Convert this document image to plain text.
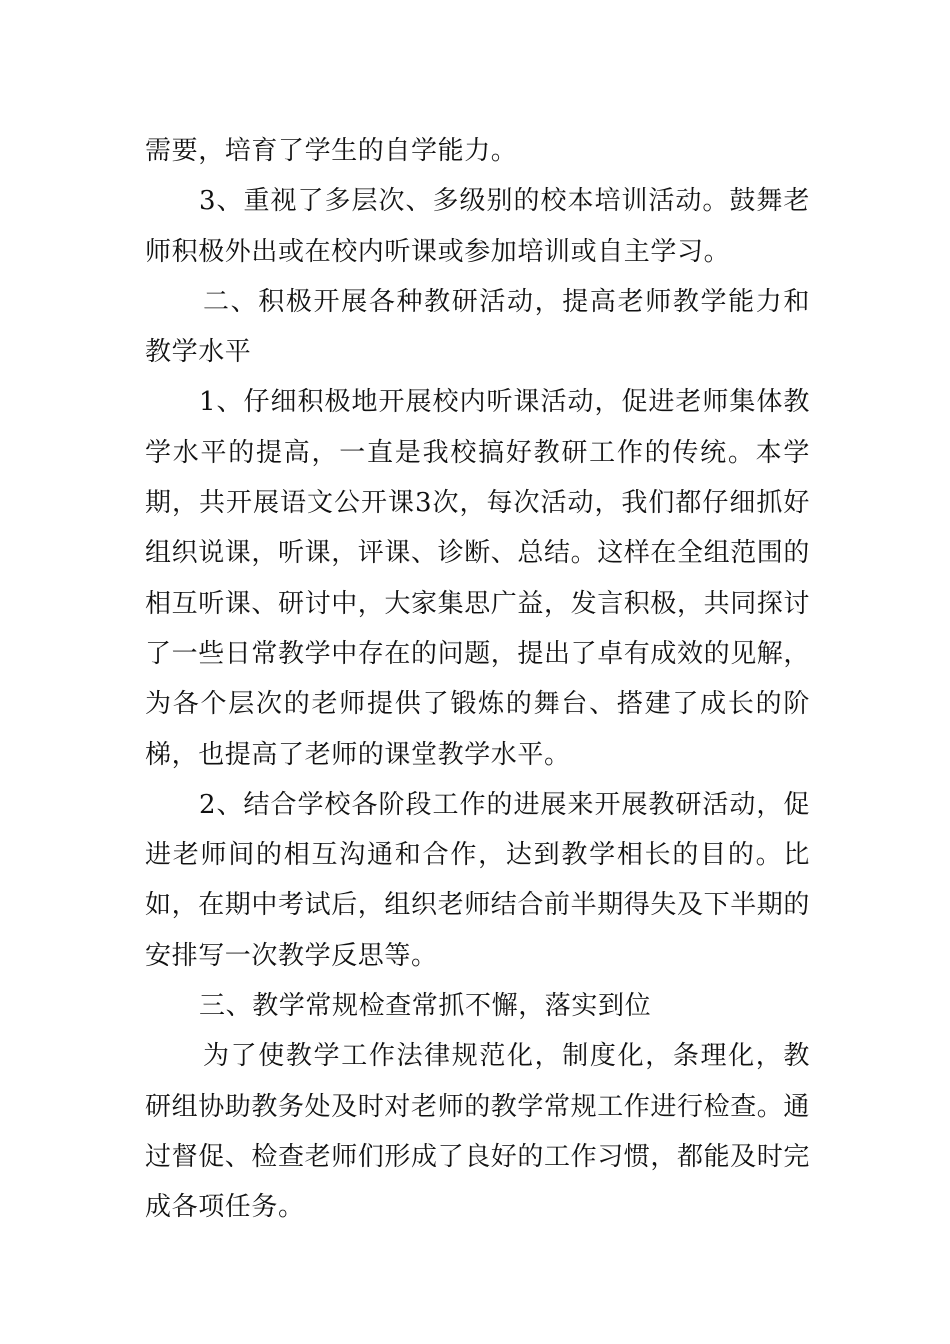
需要，培育了学生的自学能力。

3、重视了多层次、多级别的校本培训活动。鼓舞老师积极外出或在校内听课或参加培训或自主学习。

二、积极开展各种教研活动，提高老师教学能力和教学水平

1、仔细积极地开展校内听课活动，促进老师集体教学水平的提高，一直是我校搞好教研工作的传统。本学期，共开展语文公开课3次，每次活动，我们都仔细抓好组织说课，听课，评课、诊断、总结。这样在全组范围的相互听课、研讨中，大家集思广益，发言积极，共同探讨了一些日常教学中存在的问题，提出了卓有成效的见解，为各个层次的老师提供了锻炼的舞台、搭建了成长的阶梯，也提高了老师的课堂教学水平。

2、结合学校各阶段工作的进展来开展教研活动，促进老师间的相互沟通和合作，达到教学相长的目的。比如，在期中考试后，组织老师结合前半期得失及下半期的安排写一次教学反思等。

三、教学常规检查常抓不懈，落实到位

为了使教学工作法律规范化，制度化，条理化，教研组协助教务处及时对老师的教学常规工作进行检查。通过督促、检查老师们形成了良好的工作习惯，都能及时完成各项任务。
